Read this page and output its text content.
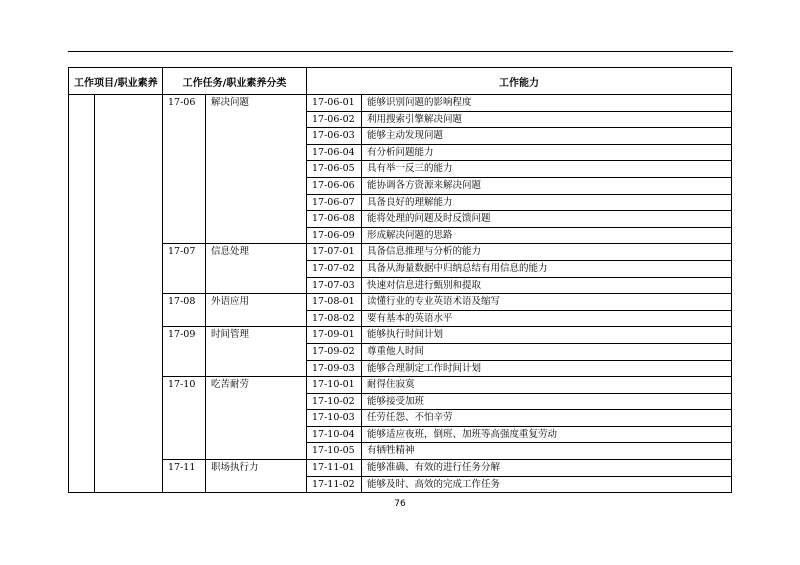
工作项目/职业素养		工作任务/职业素养分类		工作能力	
		17-06	解决问题	17-06-01	能够识别问题的影响程度
				17-06-02	利用搜索引擎解决问题
				17-06-03	能够主动发现问题
				17-06-04	有分析问题能力
				17-06-05	具有举一反三的能力
				17-06-06	能协调各方资源来解决问题
				17-06-07	具备良好的理解能力
				17-06-08	能将处理的问题及时反馈问题
				17-06-09	形成解决问题的思路
		17-07	信息处理	17-07-01	具备信息推理与分析的能力
				17-07-02	具备从海量数据中归纳总结有用信息的能力
				17-07-03	快速对信息进行甄别和提取
		17-08	外语应用	17-08-01	读懂行业的专业英语术语及缩写
				17-08-02	要有基本的英语水平
		17-09	时间管理	17-09-01	能够执行时间计划
				17-09-02	尊重他人时间
				17-09-03	能够合理制定工作时间计划
		17-10	吃苦耐劳	17-10-01	耐得住寂寞
				17-10-02	能够接受加班
				17-10-03	任劳任怨、不怕辛劳
				17-10-04	能够适应夜班，倒班、加班等高强度重复劳动
				17-10-05	有牺牲精神
		17-11	职场执行力	17-11-01	能够准确、有效的进行任务分解
				17-11-02	能够及时、高效的完成工作任务
76
